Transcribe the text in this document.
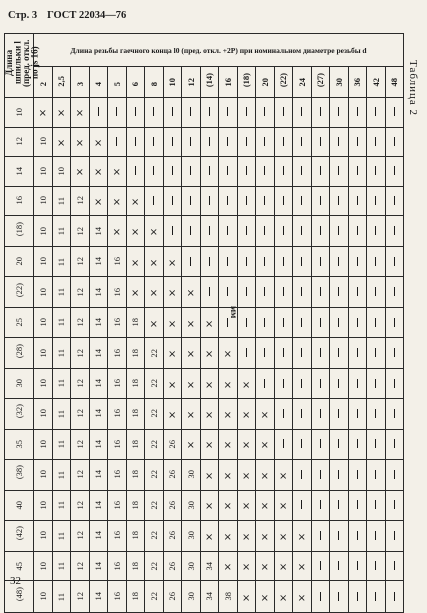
Стр. 3 ГОСТ 22034—76
Таблица 2
Длина шпильки l (пред. откл. по js 16)	Длина резьбы гаечного конца l0 (пред. откл. +2P) при номинальном диаметре резьбы d																			
	2	2,5	3	4	5	6	8	10	12	(14)	16	(18)	20	(22)	24	(27)	30	36	42	48
10	×	×	×																	
12	10	×	×	×																
14	10	10	×	×	×															
16	10	11	12	×	×	×														
(18)	10	11	12	14	×	×	×													
20	10	11	12	14	16	×	×	×												
(22)	10	11	12	14	16	×	×	×	×											
25	10	11	12	14	16	18	×	×	×	×										
(28)	10	11	12	14	16	18	22	×	×	×	×									
30	10	11	12	14	16	18	22	×	×	×	×	×								
(32)	10	11	12	14	16	18	22	×	×	×	×	×	×							
35	10	11	12	14	16	18	22	26	×	×	×	×	×							
(38)	10	11	12	14	16	18	22	26	30	×	×	×	×	×						
40	10	11	12	14	16	18	22	26	30	×	×	×	×	×						
(42)	10	11	12	14	16	18	22	26	30	×	×	×	×	×	×					
45	10	11	12	14	16	18	22	26	30	34	×	×	×	×	×					
(48)	10	11	12	14	16	18	22	26	30	34	38	×	×	×	×					
мм
32
